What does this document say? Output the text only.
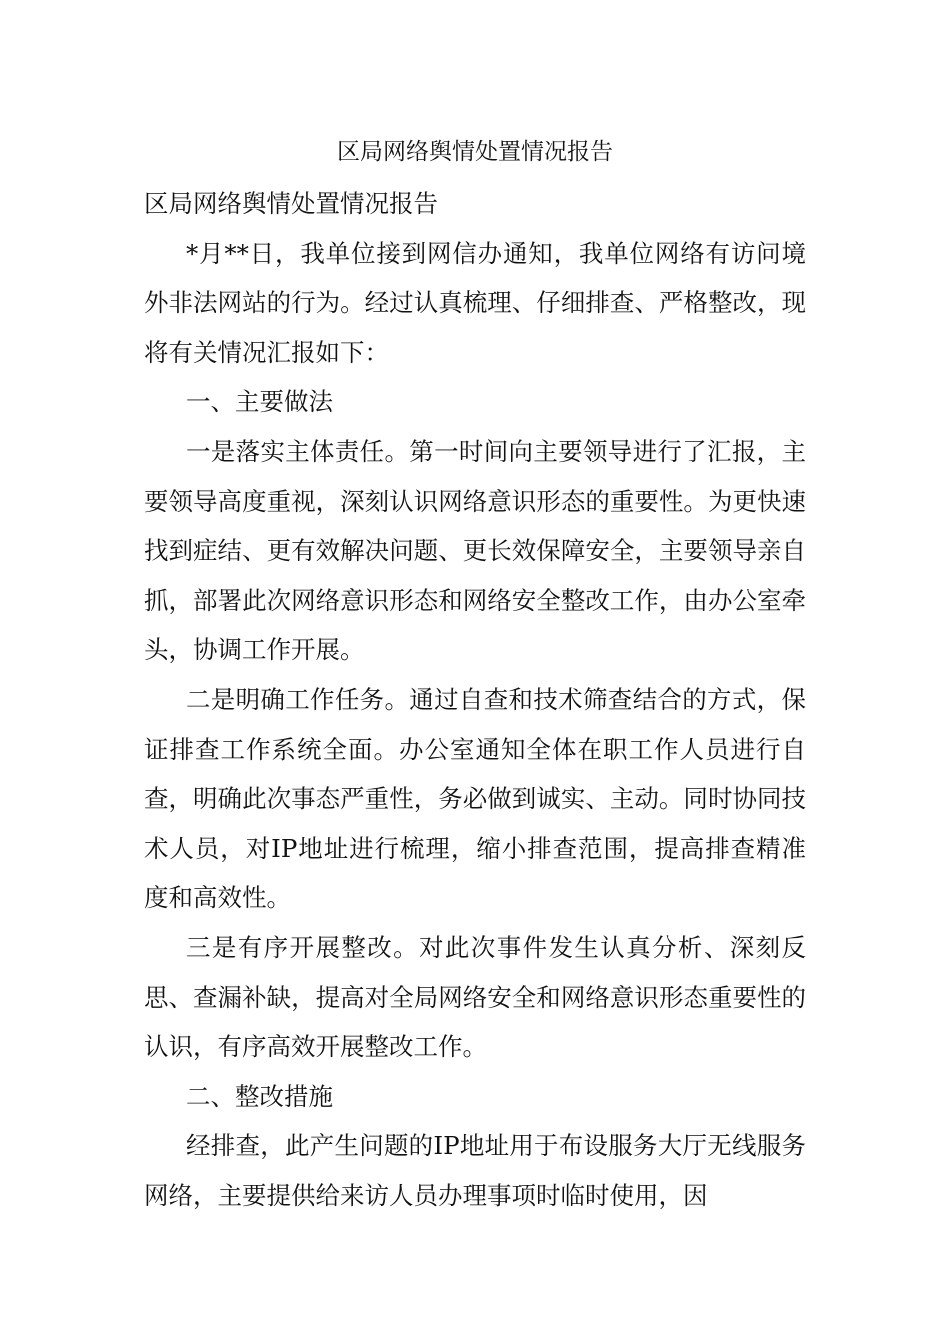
区局网络舆情处置情况报告

区局网络舆情处置情况报告

*月**日，我单位接到网信办通知，我单位网络有访问境外非法网站的行为。经过认真梳理、仔细排查、严格整改，现将有关情况汇报如下：

一、主要做法

一是落实主体责任。第一时间向主要领导进行了汇报，主要领导高度重视，深刻认识网络意识形态的重要性。为更快速找到症结、更有效解决问题、更长效保障安全，主要领导亲自抓，部署此次网络意识形态和网络安全整改工作，由办公室牵头，协调工作开展。

二是明确工作任务。通过自查和技术筛查结合的方式，保证排查工作系统全面。办公室通知全体在职工作人员进行自查，明确此次事态严重性，务必做到诚实、主动。同时协同技术人员，对IP地址进行梳理，缩小排查范围，提高排查精准度和高效性。

三是有序开展整改。对此次事件发生认真分析、深刻反思、查漏补缺，提高对全局网络安全和网络意识形态重要性的认识，有序高效开展整改工作。

二、整改措施

经排查，此产生问题的IP地址用于布设服务大厅无线服务网络，主要提供给来访人员办理事项时临时使用，因
